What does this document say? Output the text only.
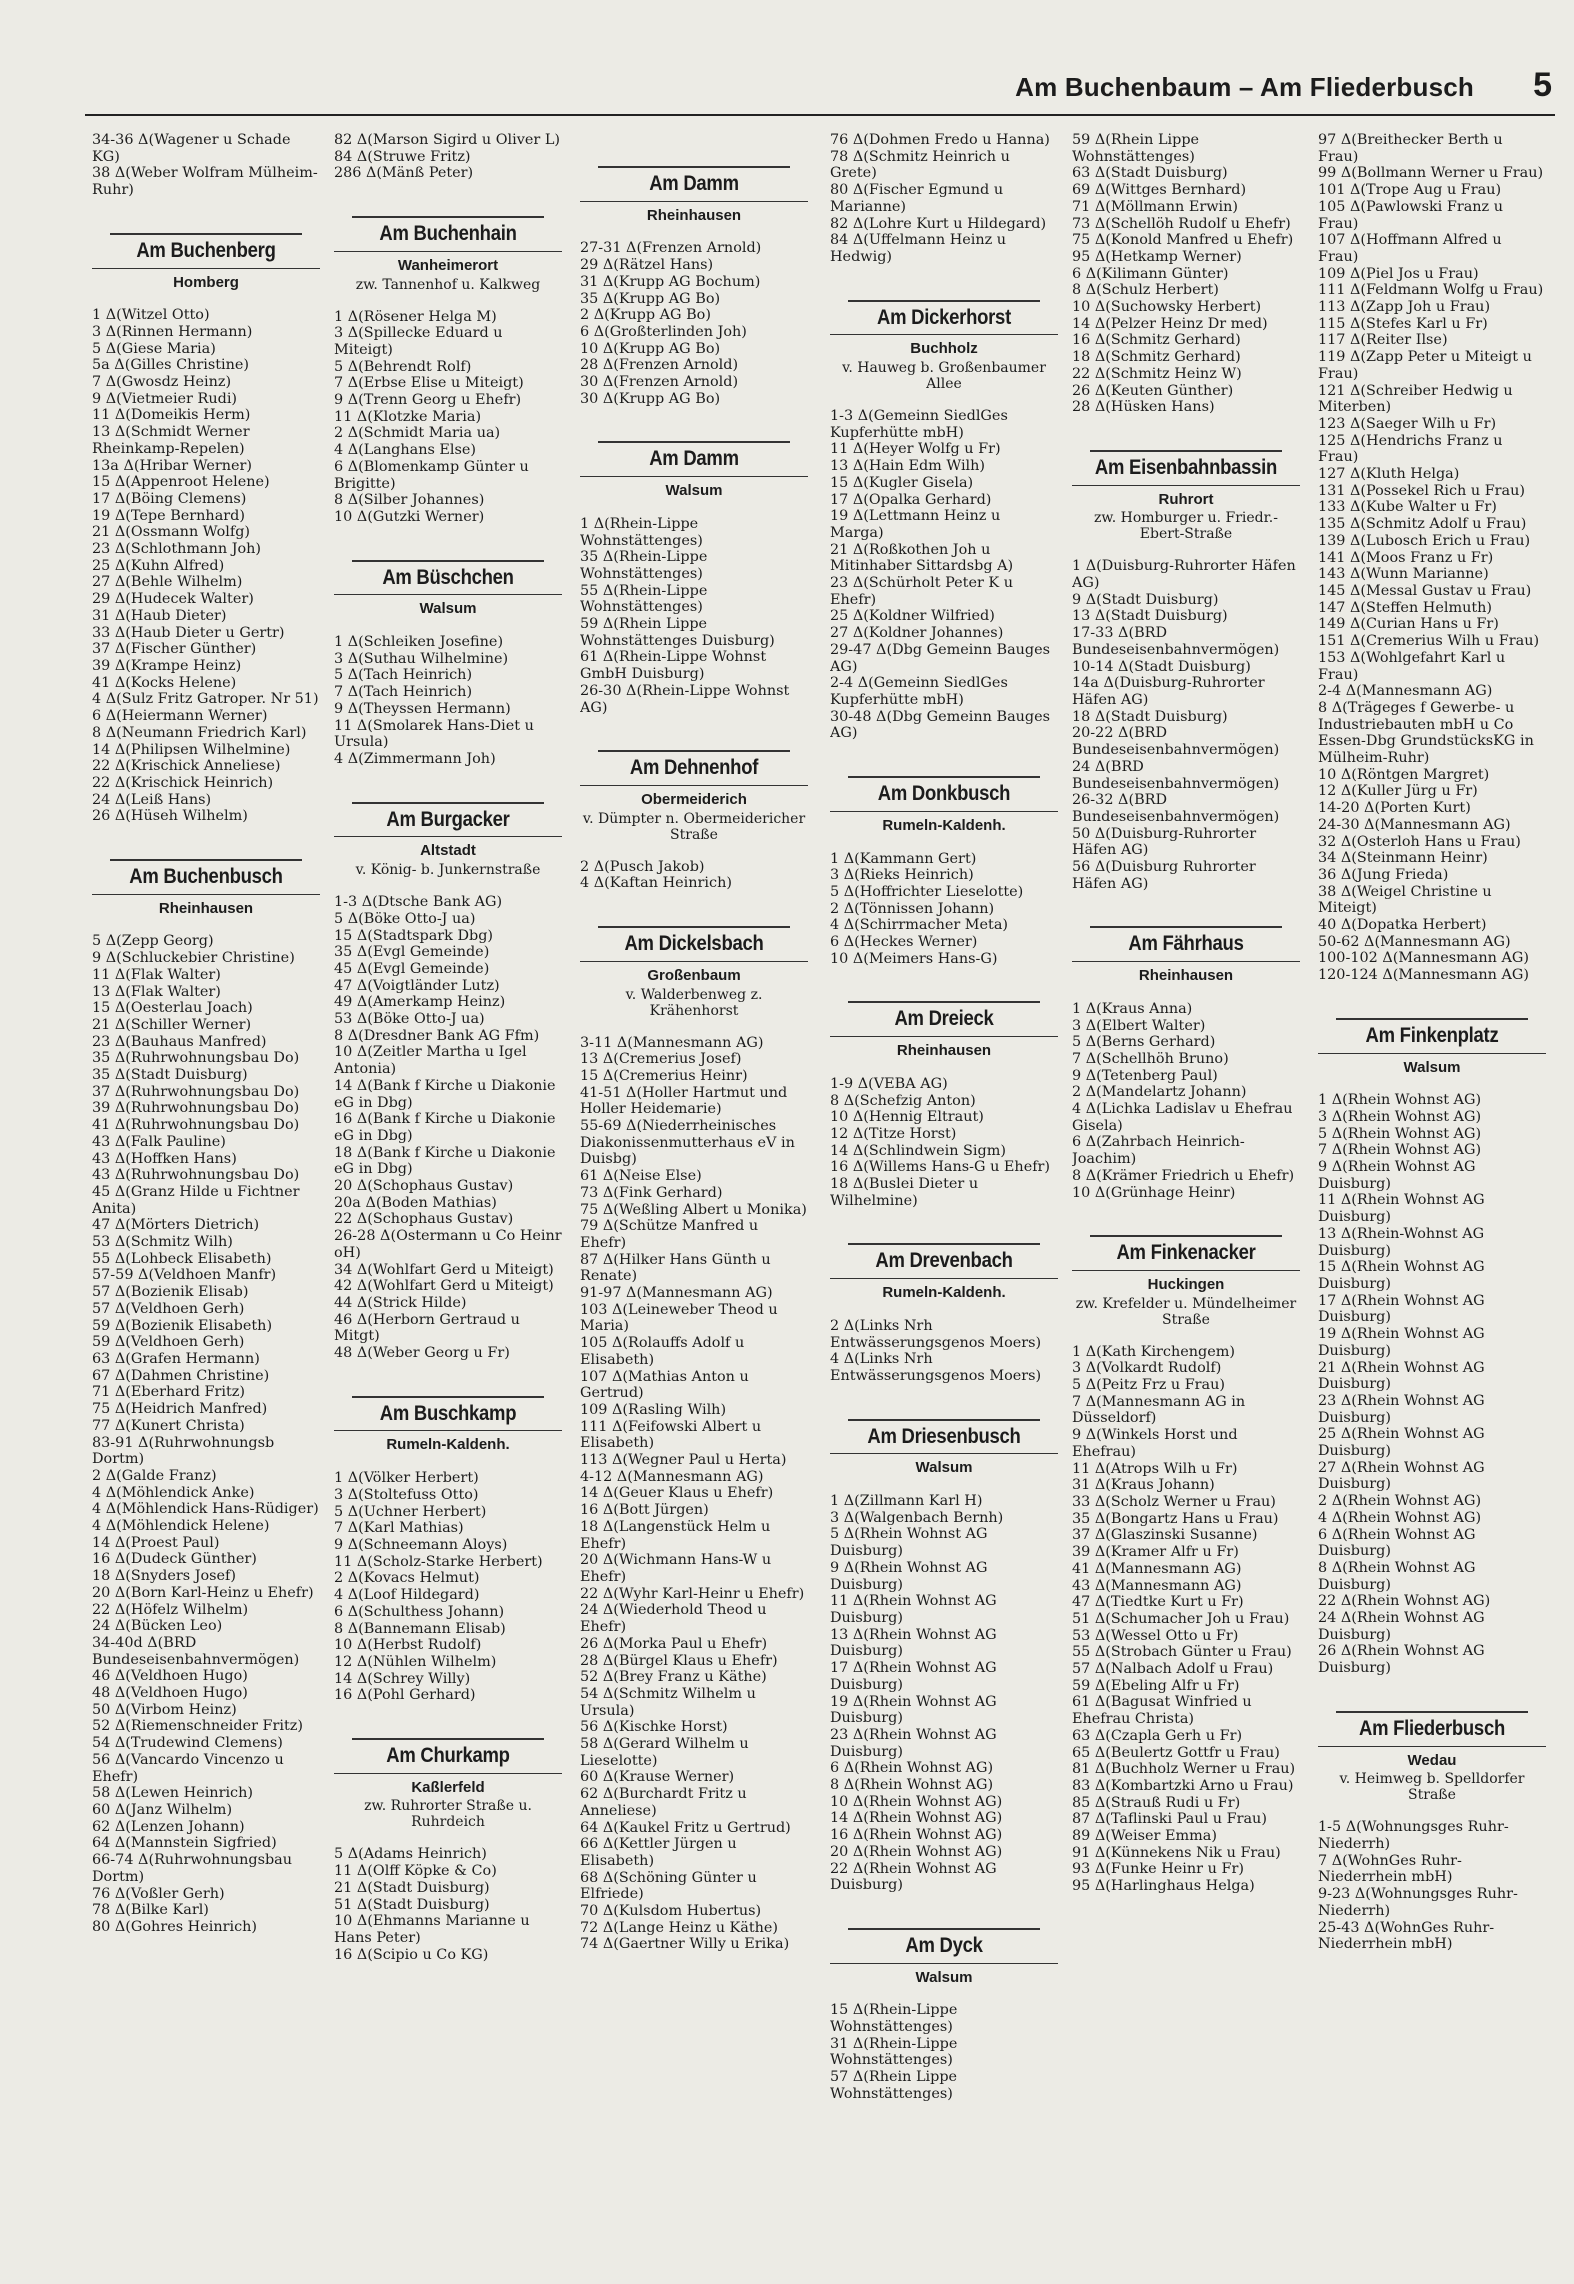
Am Buchenbaum – Am Fliederbusch 5
34-36 Δ(Wagener u Schade KG)
38 Δ(Weber Wolfram Mülheim-Ruhr)
Am Buchenberg
Homberg
1 Δ(Witzel Otto)
3 Δ(Rinnen Hermann)
5 Δ(Giese Maria)
5a Δ(Gilles Christine)
7 Δ(Gwosdz Heinz)
9 Δ(Vietmeier Rudi)
11 Δ(Domeikis Herm)
13 Δ(Schmidt Werner Rheinkamp-Repelen)
13a Δ(Hribar Werner)
15 Δ(Appenroot Helene)
17 Δ(Böing Clemens)
19 Δ(Tepe Bernhard)
21 Δ(Ossmann Wolfg)
23 Δ(Schlothmann Joh)
25 Δ(Kuhn Alfred)
27 Δ(Behle Wilhelm)
29 Δ(Hudecek Walter)
31 Δ(Haub Dieter)
33 Δ(Haub Dieter u Gertr)
37 Δ(Fischer Günther)
39 Δ(Krampe Heinz)
41 Δ(Kocks Helene)
4 Δ(Sulz Fritz Gatroper. Nr 51)
6 Δ(Heiermann Werner)
8 Δ(Neumann Friedrich Karl)
14 Δ(Philipsen Wilhelmine)
22 Δ(Krischick Anneliese)
22 Δ(Krischick Heinrich)
24 Δ(Leiß Hans)
26 Δ(Hüseh Wilhelm)
Am Buchenbusch
Rheinhausen
5 Δ(Zepp Georg)
9 Δ(Schluckebier Christine)
11 Δ(Flak Walter)
13 Δ(Flak Walter)
15 Δ(Oesterlau Joach)
21 Δ(Schiller Werner)
23 Δ(Bauhaus Manfred)
35 Δ(Ruhrwohnungsbau Do)
35 Δ(Stadt Duisburg)
37 Δ(Ruhrwohnungsbau Do)
39 Δ(Ruhrwohnungsbau Do)
41 Δ(Ruhrwohnungsbau Do)
43 Δ(Falk Pauline)
43 Δ(Hoffken Hans)
43 Δ(Ruhrwohnungsbau Do)
45 Δ(Granz Hilde u Fichtner Anita)
47 Δ(Mörters Dietrich)
53 Δ(Schmitz Wilh)
55 Δ(Lohbeck Elisabeth)
57-59 Δ(Veldhoen Manfr)
57 Δ(Bozienik Elisab)
57 Δ(Veldhoen Gerh)
59 Δ(Bozienik Elisabeth)
59 Δ(Veldhoen Gerh)
63 Δ(Grafen Hermann)
67 Δ(Dahmen Christine)
71 Δ(Eberhard Fritz)
75 Δ(Heidrich Manfred)
77 Δ(Kunert Christa)
83-91 Δ(Ruhrwohnungsb Dortm)
2 Δ(Galde Franz)
4 Δ(Möhlendick Anke)
4 Δ(Möhlendick Hans-Rüdiger)
4 Δ(Möhlendick Helene)
14 Δ(Proest Paul)
16 Δ(Dudeck Günther)
18 Δ(Snyders Josef)
20 Δ(Born Karl-Heinz u Ehefr)
22 Δ(Höfelz Wilhelm)
24 Δ(Bücken Leo)
34-40d Δ(BRD Bundeseisenbahnvermögen)
46 Δ(Veldhoen Hugo)
48 Δ(Veldhoen Hugo)
50 Δ(Virbom Heinz)
52 Δ(Riemenschneider Fritz)
54 Δ(Trudewind Clemens)
56 Δ(Vancardo Vincenzo u Ehefr)
58 Δ(Lewen Heinrich)
60 Δ(Janz Wilhelm)
62 Δ(Lenzen Johann)
64 Δ(Mannstein Sigfried)
66-74 Δ(Ruhrwohnungsbau Dortm)
76 Δ(Voßler Gerh)
78 Δ(Bilke Karl)
80 Δ(Gohres Heinrich)
82 Δ(Marson Sigird u Oliver L)
84 Δ(Struwe Fritz)
286 Δ(Mänß Peter)
Am Buchenhain
Wanheimerort
zw. Tannenhof u. Kalkweg
1 Δ(Rösener Helga M)
3 Δ(Spillecke Eduard u Miteigt)
5 Δ(Behrendt Rolf)
7 Δ(Erbse Elise u Miteigt)
9 Δ(Trenn Georg u Ehefr)
11 Δ(Klotzke Maria)
2 Δ(Schmidt Maria ua)
4 Δ(Langhans Else)
6 Δ(Blomenkamp Günter u Brigitte)
8 Δ(Silber Johannes)
10 Δ(Gutzki Werner)
Am Büschchen
Walsum
1 Δ(Schleiken Josefine)
3 Δ(Suthau Wilhelmine)
5 Δ(Tach Heinrich)
7 Δ(Tach Heinrich)
9 Δ(Theyssen Hermann)
11 Δ(Smolarek Hans-Diet u Ursula)
4 Δ(Zimmermann Joh)
Am Burgacker
Altstadt
v. König- b. Junkernstraße
1-3 Δ(Dtsche Bank AG)
5 Δ(Böke Otto-J ua)
15 Δ(Stadtspark Dbg)
35 Δ(Evgl Gemeinde)
45 Δ(Evgl Gemeinde)
47 Δ(Voigtländer Lutz)
49 Δ(Amerkamp Heinz)
53 Δ(Böke Otto-J ua)
8 Δ(Dresdner Bank AG Ffm)
10 Δ(Zeitler Martha u Igel Antonia)
14 Δ(Bank f Kirche u Diakonie eG in Dbg)
16 Δ(Bank f Kirche u Diakonie eG in Dbg)
18 Δ(Bank f Kirche u Diakonie eG in Dbg)
20 Δ(Schophaus Gustav)
20a Δ(Boden Mathias)
22 Δ(Schophaus Gustav)
26-28 Δ(Ostermann u Co Heinr oH)
34 Δ(Wohlfart Gerd u Miteigt)
42 Δ(Wohlfart Gerd u Miteigt)
44 Δ(Strick Hilde)
46 Δ(Herborn Gertraud u Mitgt)
48 Δ(Weber Georg u Fr)
Am Buschkamp
Rumeln-Kaldenh.
1 Δ(Völker Herbert)
3 Δ(Stoltefuss Otto)
5 Δ(Uchner Herbert)
7 Δ(Karl Mathias)
9 Δ(Schneemann Aloys)
11 Δ(Scholz-Starke Herbert)
2 Δ(Kovacs Helmut)
4 Δ(Loof Hildegard)
6 Δ(Schulthess Johann)
8 Δ(Bannemann Elisab)
10 Δ(Herbst Rudolf)
12 Δ(Nühlen Wilhelm)
14 Δ(Schrey Willy)
16 Δ(Pohl Gerhard)
Am Churkamp
Kaßlerfeld
zw. Ruhrorter Straße u. Ruhrdeich
5 Δ(Adams Heinrich)
11 Δ(Olff Köpke & Co)
21 Δ(Stadt Duisburg)
51 Δ(Stadt Duisburg)
10 Δ(Ehmanns Marianne u Hans Peter)
16 Δ(Scipio u Co KG)
Am Damm
Rheinhausen
27-31 Δ(Frenzen Arnold)
29 Δ(Rätzel Hans)
31 Δ(Krupp AG Bochum)
35 Δ(Krupp AG Bo)
2 Δ(Krupp AG Bo)
6 Δ(Großterlinden Joh)
10 Δ(Krupp AG Bo)
28 Δ(Frenzen Arnold)
30 Δ(Frenzen Arnold)
30 Δ(Krupp AG Bo)
Am Damm
Walsum
1 Δ(Rhein-Lippe Wohnstättenges)
35 Δ(Rhein-Lippe Wohnstättenges)
55 Δ(Rhein-Lippe Wohnstättenges)
59 Δ(Rhein Lippe Wohnstättenges Duisburg)
61 Δ(Rhein-Lippe Wohnst GmbH Duisburg)
26-30 Δ(Rhein-Lippe Wohnst AG)
Am Dehnenhof
Obermeiderich
v. Dümpter n. Obermeidericher Straße
2 Δ(Pusch Jakob)
4 Δ(Kaftan Heinrich)
Am Dickelsbach
Großenbaum
v. Walderbenweg z. Krähenhorst
3-11 Δ(Mannesmann AG)
13 Δ(Cremerius Josef)
15 Δ(Cremerius Heinr)
41-51 Δ(Holler Hartmut und Holler Heidemarie)
55-69 Δ(Niederrheinisches Diakonissenmutterhaus eV in Duisbg)
61 Δ(Neise Else)
73 Δ(Fink Gerhard)
75 Δ(Weßling Albert u Monika)
79 Δ(Schütze Manfred u Ehefr)
87 Δ(Hilker Hans Günth u Renate)
91-97 Δ(Mannesmann AG)
103 Δ(Leineweber Theod u Maria)
105 Δ(Rolauffs Adolf u Elisabeth)
107 Δ(Mathias Anton u Gertrud)
109 Δ(Rasling Wilh)
111 Δ(Feifowski Albert u Elisabeth)
113 Δ(Wegner Paul u Herta)
4-12 Δ(Mannesmann AG)
14 Δ(Geuer Klaus u Ehefr)
16 Δ(Bott Jürgen)
18 Δ(Langenstück Helm u Ehefr)
20 Δ(Wichmann Hans-W u Ehefr)
22 Δ(Wyhr Karl-Heinr u Ehefr)
24 Δ(Wiederhold Theod u Ehefr)
26 Δ(Morka Paul u Ehefr)
28 Δ(Bürgel Klaus u Ehefr)
52 Δ(Brey Franz u Käthe)
54 Δ(Schmitz Wilhelm u Ursula)
56 Δ(Kischke Horst)
58 Δ(Gerard Wilhelm u Lieselotte)
60 Δ(Krause Werner)
62 Δ(Burchardt Fritz u Anneliese)
64 Δ(Kaukel Fritz u Gertrud)
66 Δ(Kettler Jürgen u Elisabeth)
68 Δ(Schöning Günter u Elfriede)
70 Δ(Kulsdom Hubertus)
72 Δ(Lange Heinz u Käthe)
74 Δ(Gaertner Willy u Erika)
76 Δ(Dohmen Fredo u Hanna)
78 Δ(Schmitz Heinrich u Grete)
80 Δ(Fischer Egmund u Marianne)
82 Δ(Lohre Kurt u Hildegard)
84 Δ(Uffelmann Heinz u Hedwig)
Am Dickerhorst
Buchholz
v. Hauweg b. Großenbaumer Allee
1-3 Δ(Gemeinn SiedlGes Kupferhütte mbH)
11 Δ(Heyer Wolfg u Fr)
13 Δ(Hain Edm Wilh)
15 Δ(Kugler Gisela)
17 Δ(Opalka Gerhard)
19 Δ(Lettmann Heinz u Marga)
21 Δ(Roßkothen Joh u Mitinhaber Sittardsbg A)
23 Δ(Schürholt Peter K u Ehefr)
25 Δ(Koldner Wilfried)
27 Δ(Koldner Johannes)
29-47 Δ(Dbg Gemeinn Bauges AG)
2-4 Δ(Gemeinn SiedlGes Kupferhütte mbH)
30-48 Δ(Dbg Gemeinn Bauges AG)
Am Donkbusch
Rumeln-Kaldenh.
1 Δ(Kammann Gert)
3 Δ(Rieks Heinrich)
5 Δ(Hoffrichter Lieselotte)
2 Δ(Tönnissen Johann)
4 Δ(Schirrmacher Meta)
6 Δ(Heckes Werner)
10 Δ(Meimers Hans-G)
Am Dreieck
Rheinhausen
1-9 Δ(VEBA AG)
8 Δ(Schefzig Anton)
10 Δ(Hennig Eltraut)
12 Δ(Titze Horst)
14 Δ(Schlindwein Sigm)
16 Δ(Willems Hans-G u Ehefr)
18 Δ(Buslei Dieter u Wilhelmine)
Am Drevenbach
Rumeln-Kaldenh.
2 Δ(Links Nrh Entwässerungsgenos Moers)
4 Δ(Links Nrh Entwässerungsgenos Moers)
Am Driesenbusch
Walsum
1 Δ(Zillmann Karl H)
3 Δ(Walgenbach Bernh)
5 Δ(Rhein Wohnst AG Duisburg)
9 Δ(Rhein Wohnst AG Duisburg)
11 Δ(Rhein Wohnst AG Duisburg)
13 Δ(Rhein Wohnst AG Duisburg)
17 Δ(Rhein Wohnst AG Duisburg)
19 Δ(Rhein Wohnst AG Duisburg)
23 Δ(Rhein Wohnst AG Duisburg)
6 Δ(Rhein Wohnst AG)
8 Δ(Rhein Wohnst AG)
10 Δ(Rhein Wohnst AG)
14 Δ(Rhein Wohnst AG)
16 Δ(Rhein Wohnst AG)
20 Δ(Rhein Wohnst AG)
22 Δ(Rhein Wohnst AG Duisburg)
Am Dyck
Walsum
15 Δ(Rhein-Lippe Wohnstättenges)
31 Δ(Rhein-Lippe Wohnstättenges)
57 Δ(Rhein Lippe Wohnstättenges)
59 Δ(Rhein Lippe Wohnstättenges)
63 Δ(Stadt Duisburg)
69 Δ(Wittges Bernhard)
71 Δ(Möllmann Erwin)
73 Δ(Schellöh Rudolf u Ehefr)
75 Δ(Konold Manfred u Ehefr)
95 Δ(Hetkamp Werner)
6 Δ(Kilimann Günter)
8 Δ(Schulz Herbert)
10 Δ(Suchowsky Herbert)
14 Δ(Pelzer Heinz Dr med)
16 Δ(Schmitz Gerhard)
18 Δ(Schmitz Gerhard)
22 Δ(Schmitz Heinz W)
26 Δ(Keuten Günther)
28 Δ(Hüsken Hans)
Am Eisenbahnbassin
Ruhrort
zw. Homburger u. Friedr.-Ebert-Straße
1 Δ(Duisburg-Ruhrorter Häfen AG)
9 Δ(Stadt Duisburg)
13 Δ(Stadt Duisburg)
17-33 Δ(BRD Bundeseisenbahnvermögen)
10-14 Δ(Stadt Duisburg)
14a Δ(Duisburg-Ruhrorter Häfen AG)
18 Δ(Stadt Duisburg)
20-22 Δ(BRD Bundeseisenbahnvermögen)
24 Δ(BRD Bundeseisenbahnvermögen)
26-32 Δ(BRD Bundeseisenbahnvermögen)
50 Δ(Duisburg-Ruhrorter Häfen AG)
56 Δ(Duisburg Ruhrorter Häfen AG)
Am Fährhaus
Rheinhausen
1 Δ(Kraus Anna)
3 Δ(Elbert Walter)
5 Δ(Berns Gerhard)
7 Δ(Schellhöh Bruno)
9 Δ(Tetenberg Paul)
2 Δ(Mandelartz Johann)
4 Δ(Lichka Ladislav u Ehefrau Gisela)
6 Δ(Zahrbach Heinrich-Joachim)
8 Δ(Krämer Friedrich u Ehefr)
10 Δ(Grünhage Heinr)
Am Finkenacker
Huckingen
zw. Krefelder u. Mündelheimer Straße
1 Δ(Kath Kirchengem)
3 Δ(Volkardt Rudolf)
5 Δ(Peitz Frz u Frau)
7 Δ(Mannesmann AG in Düsseldorf)
9 Δ(Winkels Horst und Ehefrau)
11 Δ(Atrops Wilh u Fr)
31 Δ(Kraus Johann)
33 Δ(Scholz Werner u Frau)
35 Δ(Bongartz Hans u Frau)
37 Δ(Glaszinski Susanne)
39 Δ(Kramer Alfr u Fr)
41 Δ(Mannesmann AG)
43 Δ(Mannesmann AG)
47 Δ(Tiedtke Kurt u Fr)
51 Δ(Schumacher Joh u Frau)
53 Δ(Wessel Otto u Fr)
55 Δ(Strobach Günter u Frau)
57 Δ(Nalbach Adolf u Frau)
59 Δ(Ebeling Alfr u Fr)
61 Δ(Bagusat Winfried u Ehefrau Christa)
63 Δ(Czapla Gerh u Fr)
65 Δ(Beulertz Gottfr u Frau)
81 Δ(Buchholz Werner u Frau)
83 Δ(Kombartzki Arno u Frau)
85 Δ(Strauß Rudi u Fr)
87 Δ(Taflinski Paul u Frau)
89 Δ(Weiser Emma)
91 Δ(Künnekens Nik u Frau)
93 Δ(Funke Heinr u Fr)
95 Δ(Harlinghaus Helga)
97 Δ(Breithecker Berth u Frau)
99 Δ(Bollmann Werner u Frau)
101 Δ(Trope Aug u Frau)
105 Δ(Pawlowski Franz u Frau)
107 Δ(Hoffmann Alfred u Frau)
109 Δ(Piel Jos u Frau)
111 Δ(Feldmann Wolfg u Frau)
113 Δ(Zapp Joh u Frau)
115 Δ(Stefes Karl u Fr)
117 Δ(Reiter Ilse)
119 Δ(Zapp Peter u Miteigt u Frau)
121 Δ(Schreiber Hedwig u Miterben)
123 Δ(Saeger Wilh u Fr)
125 Δ(Hendrichs Franz u Frau)
127 Δ(Kluth Helga)
131 Δ(Possekel Rich u Frau)
133 Δ(Kube Walter u Fr)
135 Δ(Schmitz Adolf u Frau)
139 Δ(Lubosch Erich u Frau)
141 Δ(Moos Franz u Fr)
143 Δ(Wunn Marianne)
145 Δ(Messal Gustav u Frau)
147 Δ(Steffen Helmuth)
149 Δ(Curian Hans u Fr)
151 Δ(Cremerius Wilh u Frau)
153 Δ(Wohlgefahrt Karl u Frau)
2-4 Δ(Mannesmann AG)
8 Δ(Trägeges f Gewerbe- u Industriebauten mbH u Co Essen-Dbg GrundstücksKG in Mülheim-Ruhr)
10 Δ(Röntgen Margret)
12 Δ(Kuller Jürg u Fr)
14-20 Δ(Porten Kurt)
24-30 Δ(Mannesmann AG)
32 Δ(Osterloh Hans u Frau)
34 Δ(Steinmann Heinr)
36 Δ(Jung Frieda)
38 Δ(Weigel Christine u Miteigt)
40 Δ(Dopatka Herbert)
50-62 Δ(Mannesmann AG)
100-102 Δ(Mannesmann AG)
120-124 Δ(Mannesmann AG)
Am Finkenplatz
Walsum
1 Δ(Rhein Wohnst AG)
3 Δ(Rhein Wohnst AG)
5 Δ(Rhein Wohnst AG)
7 Δ(Rhein Wohnst AG)
9 Δ(Rhein Wohnst AG Duisburg)
11 Δ(Rhein Wohnst AG Duisburg)
13 Δ(Rhein-Wohnst AG Duisburg)
15 Δ(Rhein Wohnst AG Duisburg)
17 Δ(Rhein Wohnst AG Duisburg)
19 Δ(Rhein Wohnst AG Duisburg)
21 Δ(Rhein Wohnst AG Duisburg)
23 Δ(Rhein Wohnst AG Duisburg)
25 Δ(Rhein Wohnst AG Duisburg)
27 Δ(Rhein Wohnst AG Duisburg)
2 Δ(Rhein Wohnst AG)
4 Δ(Rhein Wohnst AG)
6 Δ(Rhein Wohnst AG Duisburg)
8 Δ(Rhein Wohnst AG Duisburg)
22 Δ(Rhein Wohnst AG)
24 Δ(Rhein Wohnst AG Duisburg)
26 Δ(Rhein Wohnst AG Duisburg)
Am Fliederbusch
Wedau
v. Heimweg b. Spelldorfer Straße
1-5 Δ(Wohnungsges Ruhr-Niederrh)
7 Δ(WohnGes Ruhr-Niederrhein mbH)
9-23 Δ(Wohnungsges Ruhr-Niederrh)
25-43 Δ(WohnGes Ruhr-Niederrhein mbH)
